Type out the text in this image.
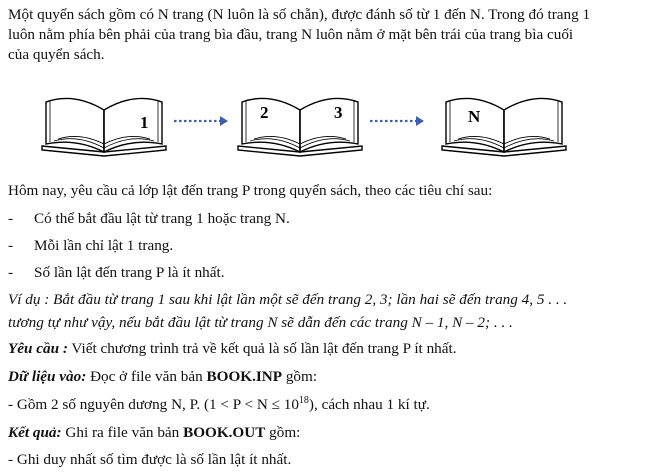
Một quyển sách gồm có N trang (N luôn là số chẵn), được đánh số từ 1 đến N. Trong đó trang 1
luôn nằm phía bên phải của trang bìa đầu, trang N luôn nằm ở mặt bên trái của trang bìa cuối
của quyển sách.
1
2	3	N
Hôm nay, yêu cầu cả lớp lật đến trang P trong quyển sách, theo các tiêu chí sau:
- Có thể bắt đầu lật từ trang 1 hoặc trang N.
- Mỗi lần chỉ lật 1 trang.
- Số lần lật đến trang P là ít nhất.
Ví dụ : Bắt đầu từ trang 1 sau khi lật lần một sẽ đến trang 2, 3; lần hai sẽ đến trang 4, 5 . . .
tương tự như vậy, nếu bắt đầu lật từ trang N sẽ dẫn đến các trang N – 1, N – 2; . . .
Yêu cầu : Viết chương trình trả về kết quả là số lần lật đến trang P ít nhất.
Dữ liệu vào: Đọc ở file văn bản BOOK.INP gồm:
- Gồm 2 số nguyên dương N, P. $(1 < P < N \le 10^{18})$, cách nhau 1 kí tự.
Kết quả: Ghi ra file văn bản BOOK.OUT gồm:
- Ghi duy nhất số tìm được là số lần lật ít nhất.
